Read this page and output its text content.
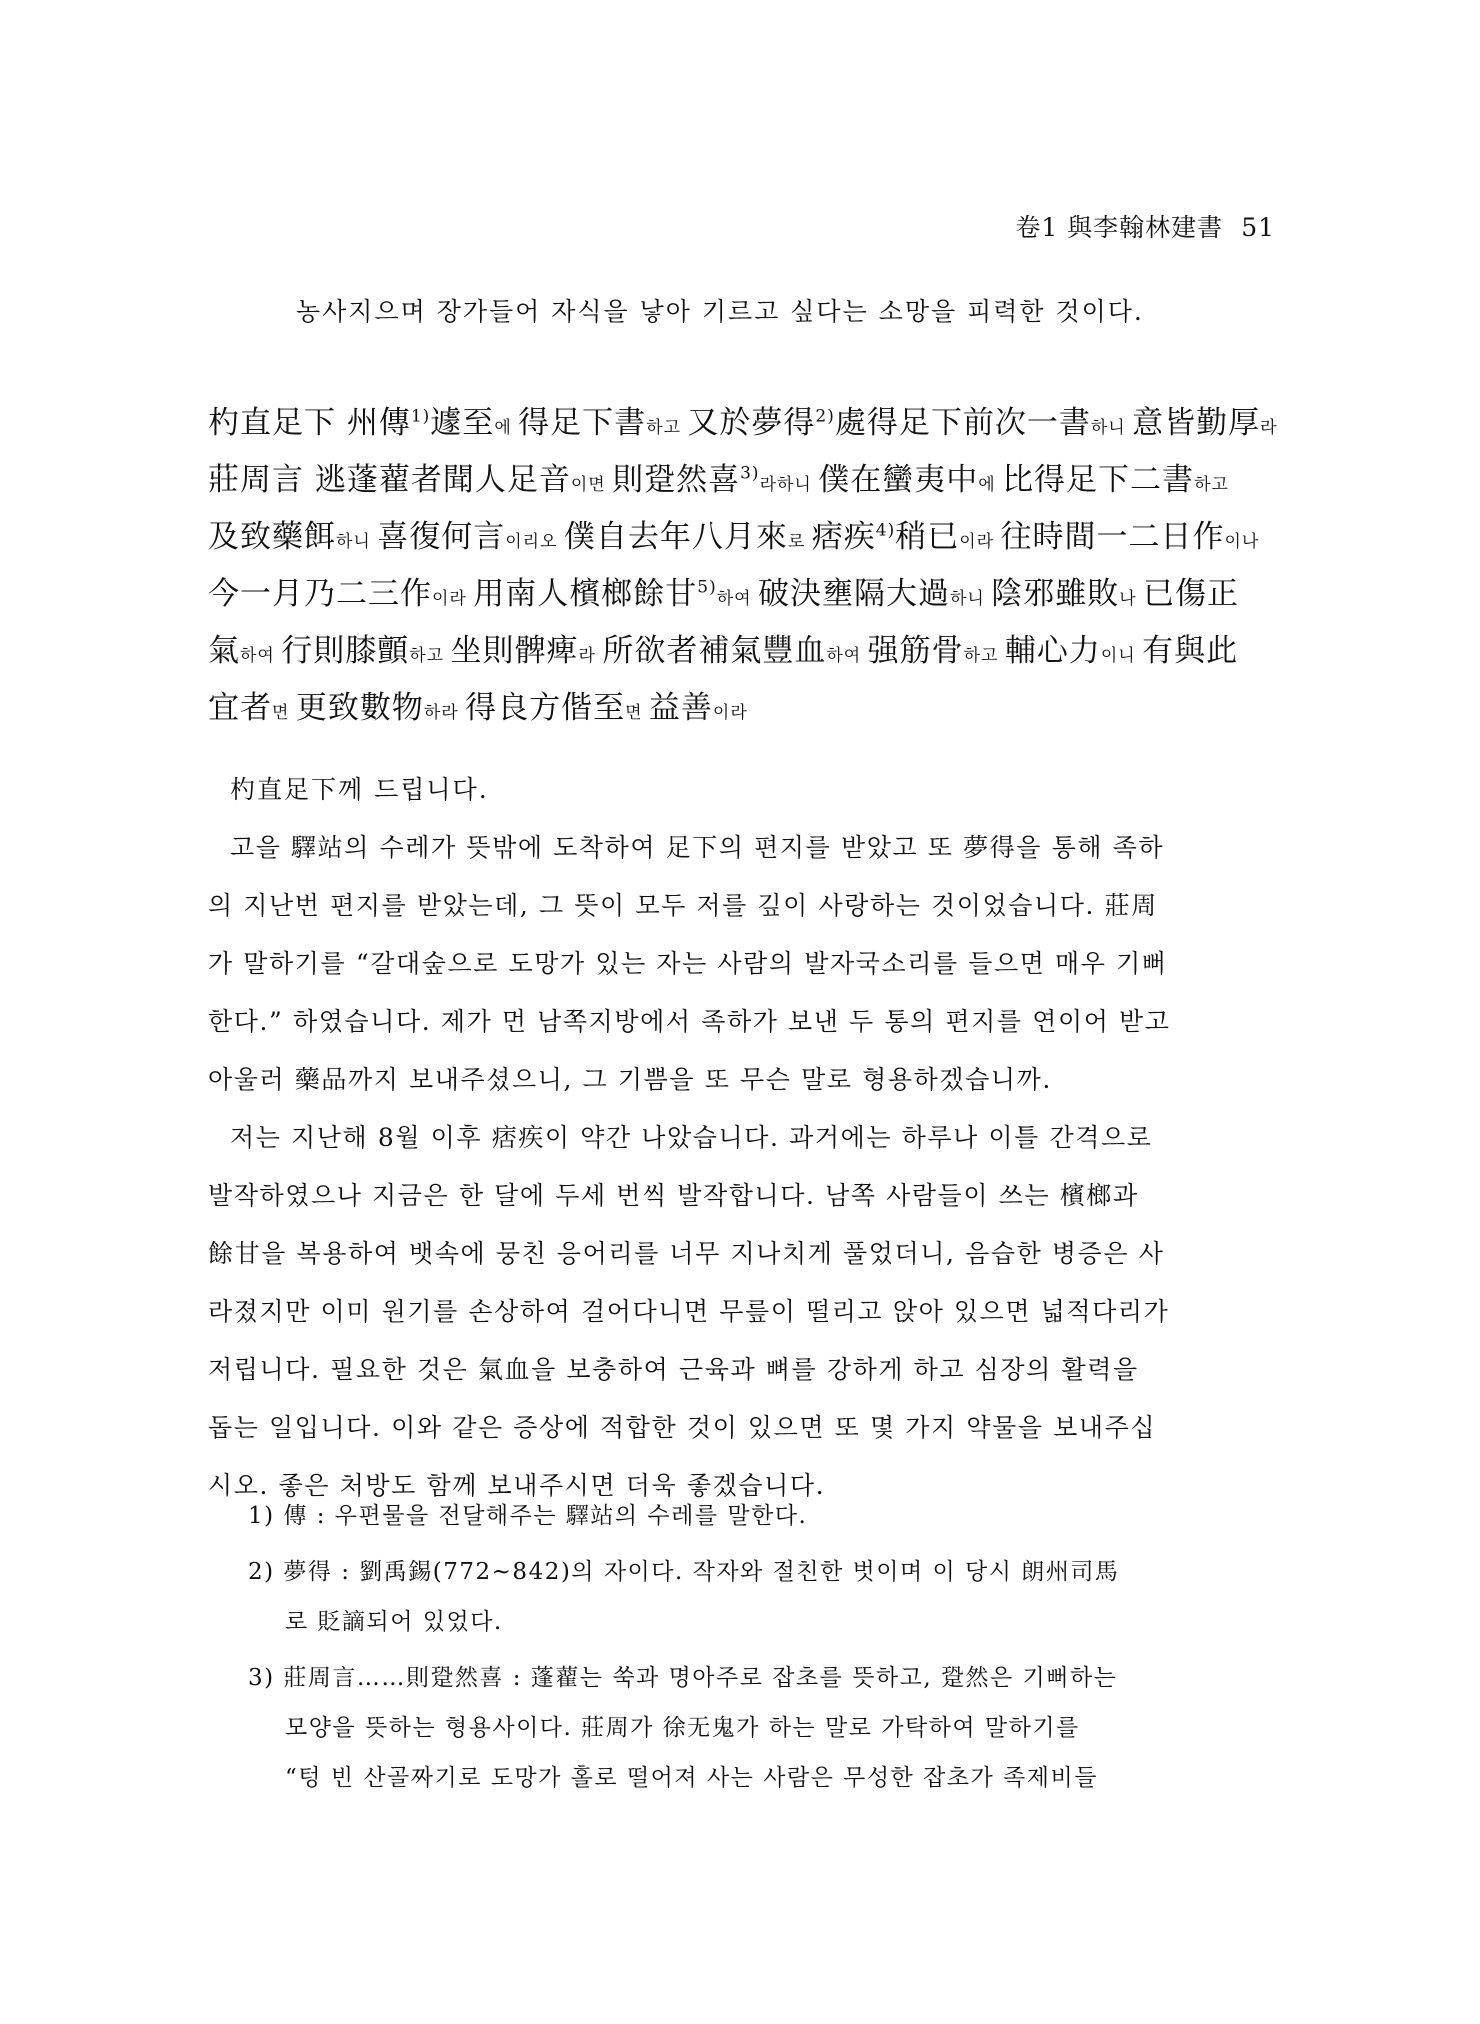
卷1 與李翰林建書 51
농사지으며 장가들어 자식을 낳아 기르고 싶다는 소망을 피력한 것이다.
杓直足下 州傳$^{1)}$遽至에 得足下書하고 又於夢得$^{2)}$處得足下前次一書하니 意皆勤厚라
莊周言 逃蓬藋者聞人足音이면 則跫然喜$^{3)}$라하니 僕在蠻夷中에 比得足下二書하고
及致藥餌하니 喜復何言이리오 僕自去年八月來로 痞疾$^{4)}$稍已이라 往時間一二日作이나
今一月乃二三作이라 用南人檳榔餘甘$^{5)}$하여 破決壅隔大過하니 陰邪雖敗나 已傷正
氣하여 行則膝顫하고 坐則髀痺라 所欲者補氣豐血하여 强筋骨하고 輔心力이니 有與此
宜者면 更致數物하라 得良方偕至면 益善이라
杓直足下께 드립니다.
고을 驛站의 수레가 뜻밖에 도착하여 足下의 편지를 받았고 또 夢得을 통해 족하
의 지난번 편지를 받았는데, 그 뜻이 모두 저를 깊이 사랑하는 것이었습니다. 莊周
가 말하기를 “갈대숲으로 도망가 있는 자는 사람의 발자국소리를 들으면 매우 기뻐
한다.” 하였습니다. 제가 먼 남쪽지방에서 족하가 보낸 두 통의 편지를 연이어 받고
아울러 藥品까지 보내주셨으니, 그 기쁨을 또 무슨 말로 형용하겠습니까.
저는 지난해 8월 이후 痞疾이 약간 나았습니다. 과거에는 하루나 이틀 간격으로
발작하였으나 지금은 한 달에 두세 번씩 발작합니다. 남쪽 사람들이 쓰는 檳榔과
餘甘을 복용하여 뱃속에 뭉친 응어리를 너무 지나치게 풀었더니, 음습한 병증은 사
라졌지만 이미 원기를 손상하여 걸어다니면 무릎이 떨리고 앉아 있으면 넓적다리가
저립니다. 필요한 것은 氣血을 보충하여 근육과 뼈를 강하게 하고 심장의 활력을
돕는 일입니다. 이와 같은 증상에 적합한 것이 있으면 또 몇 가지 약물을 보내주십
시오. 좋은 처방도 함께 보내주시면 더욱 좋겠습니다.
1) 傳 : 우편물을 전달해주는 驛站의 수레를 말한다.
2) 夢得 : 劉禹錫(772~842)의 자이다. 작자와 절친한 벗이며 이 당시 朗州司馬
로 貶謫되어 있었다.
3) 莊周言……則跫然喜 : 蓬藋는 쑥과 명아주로 잡초를 뜻하고, 跫然은 기뻐하는
모양을 뜻하는 형용사이다. 莊周가 徐无鬼가 하는 말로 가탁하여 말하기를
“텅 빈 산골짜기로 도망가 홀로 떨어져 사는 사람은 무성한 잡초가 족제비들
